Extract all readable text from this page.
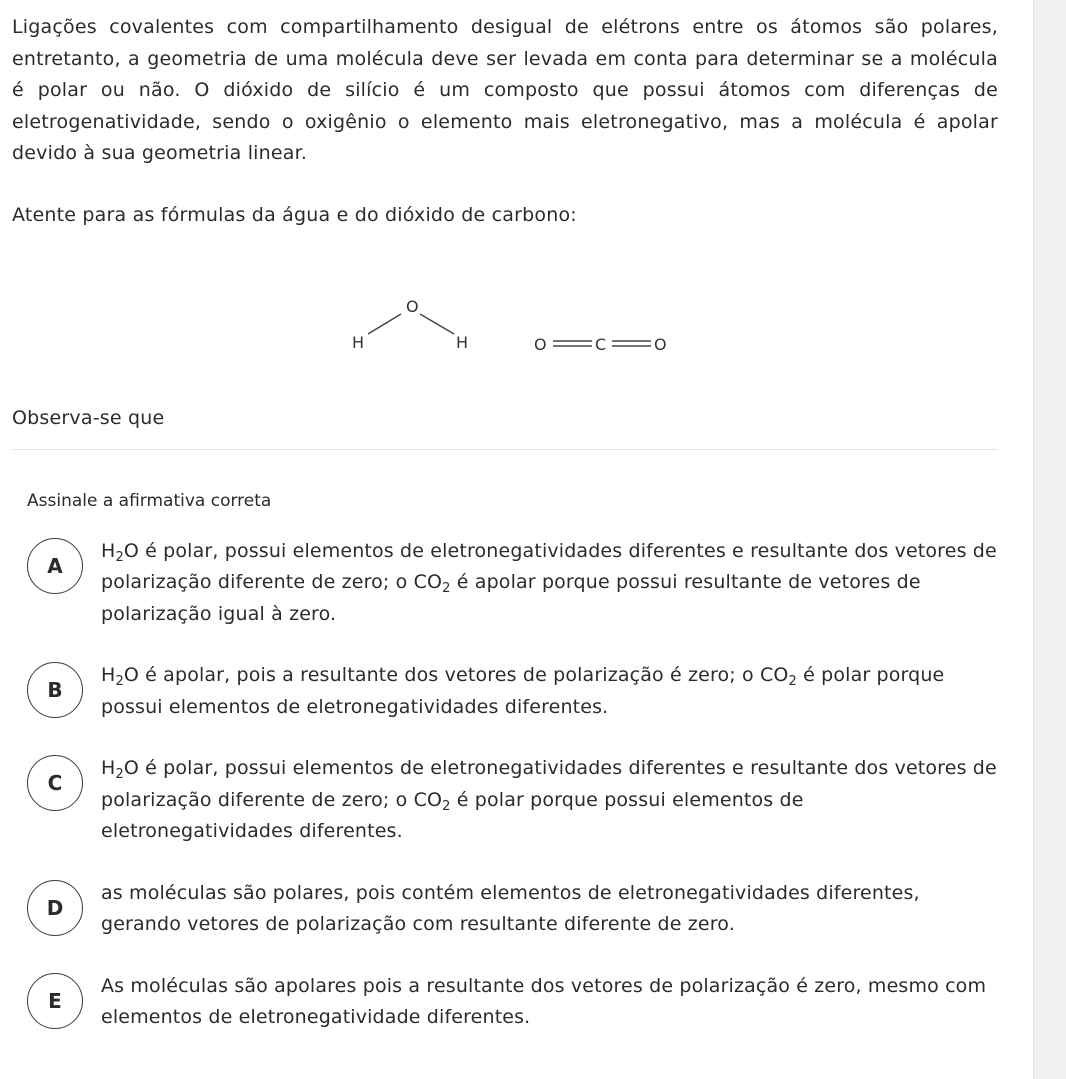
Ligações covalentes com compartilhamento desigual de elétrons entre os átomos são polares, entretanto, a geometria de uma molécula deve ser levada em conta para determinar se a molécula é polar ou não. O dióxido de silício é um composto que possui átomos com diferenças de eletrogenatividade, sendo o oxigênio o elemento mais eletronegativo, mas a molécula é apolar devido à sua geometria linear.

Atente para as fórmulas da água e do dióxido de carbono:

O
H	H	O	C	O

Observa-se que

Assinale a afirmativa correta

A
$H_2O$ é polar, possui elementos de eletronegatividades diferentes e resultante dos vetores de polarização diferente de zero; o $CO_2$ é apolar porque possui resultante de vetores de polarização igual à zero.
B
$H_2O$ é apolar, pois a resultante dos vetores de polarização é zero; o $CO_2$ é polar porque possui elementos de eletronegatividades diferentes.
C
$H_2O$ é polar, possui elementos de eletronegatividades diferentes e resultante dos vetores de polarização diferente de zero; o $CO_2$ é polar porque possui elementos de eletronegatividades diferentes.
D
as moléculas são polares, pois contém elementos de eletronegatividades diferentes, gerando vetores de polarização com resultante diferente de zero.
E
As moléculas são apolares pois a resultante dos vetores de polarização é zero, mesmo com elementos de eletronegatividade diferentes.
